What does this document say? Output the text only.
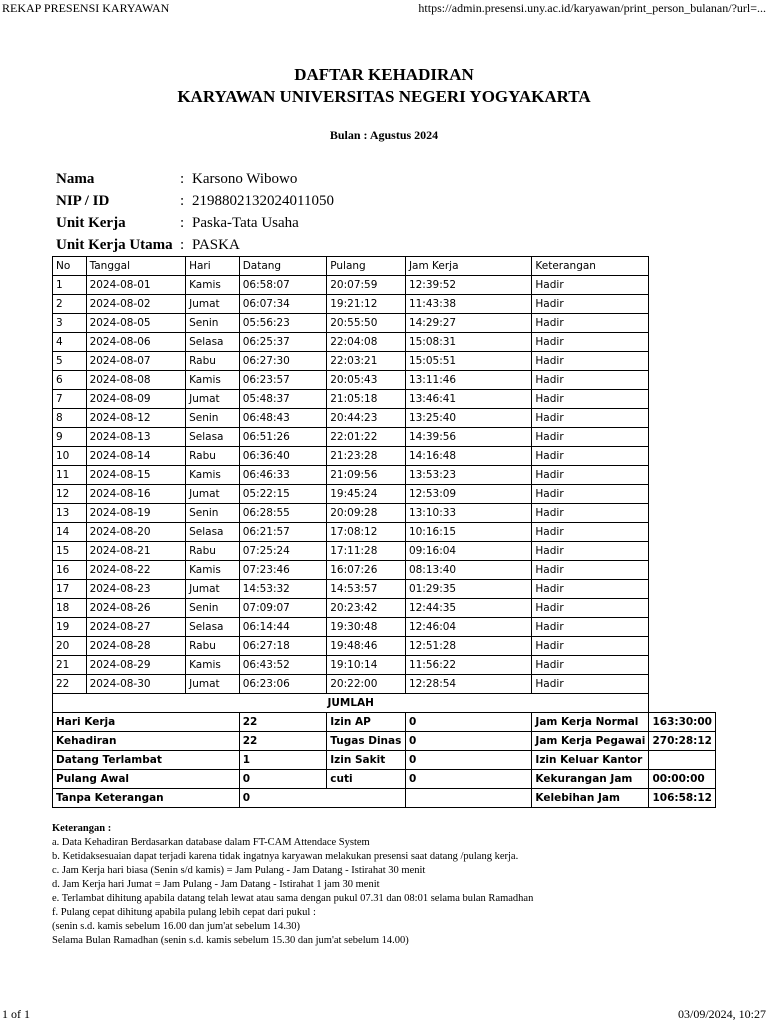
REKAP PRESENSI KARYAWAN	https://admin.presensi.uny.ac.id/karyawan/print_person_bulanan/?url=...
DAFTAR KEHADIRAN
KARYAWAN UNIVERSITAS NEGERI YOGYAKARTA
Bulan : Agustus 2024
Nama	:	Karsono Wibowo
NIP / ID	:	2198802132024011050
Unit Kerja	:	Paska-Tata Usaha
Unit Kerja Utama	:	PASKA
No	Tanggal	Hari	Datang	Pulang	Jam Kerja	Keterangan	
1	2024-08-01	Kamis	06:58:07	20:07:59	12:39:52	Hadir	
2	2024-08-02	Jumat	06:07:34	19:21:12	11:43:38	Hadir	
3	2024-08-05	Senin	05:56:23	20:55:50	14:29:27	Hadir	
4	2024-08-06	Selasa	06:25:37	22:04:08	15:08:31	Hadir	
5	2024-08-07	Rabu	06:27:30	22:03:21	15:05:51	Hadir	
6	2024-08-08	Kamis	06:23:57	20:05:43	13:11:46	Hadir	
7	2024-08-09	Jumat	05:48:37	21:05:18	13:46:41	Hadir	
8	2024-08-12	Senin	06:48:43	20:44:23	13:25:40	Hadir	
9	2024-08-13	Selasa	06:51:26	22:01:22	14:39:56	Hadir	
10	2024-08-14	Rabu	06:36:40	21:23:28	14:16:48	Hadir	
11	2024-08-15	Kamis	06:46:33	21:09:56	13:53:23	Hadir	
12	2024-08-16	Jumat	05:22:15	19:45:24	12:53:09	Hadir	
13	2024-08-19	Senin	06:28:55	20:09:28	13:10:33	Hadir	
14	2024-08-20	Selasa	06:21:57	17:08:12	10:16:15	Hadir	
15	2024-08-21	Rabu	07:25:24	17:11:28	09:16:04	Hadir	
16	2024-08-22	Kamis	07:23:46	16:07:26	08:13:40	Hadir	
17	2024-08-23	Jumat	14:53:32	14:53:57	01:29:35	Hadir	
18	2024-08-26	Senin	07:09:07	20:23:42	12:44:35	Hadir	
19	2024-08-27	Selasa	06:14:44	19:30:48	12:46:04	Hadir	
20	2024-08-28	Rabu	06:27:18	19:48:46	12:51:28	Hadir	
21	2024-08-29	Kamis	06:43:52	19:10:14	11:56:22	Hadir	
22	2024-08-30	Jumat	06:23:06	20:22:00	12:28:54	Hadir	
JUMLAH							
Hari Kerja			22	Izin AP	0	Jam Kerja Normal	163:30:00
Kehadiran			22	Tugas Dinas	0	Jam Kerja Pegawai	270:28:12
Datang Terlambat			1	Izin Sakit	0	Izin Keluar Kantor	
Pulang Awal			0	cuti	0	Kekurangan Jam	00:00:00
Tanpa Keterangan			0			Kelebihan Jam	106:58:12
Keterangan :
a. Data Kehadiran Berdasarkan database dalam FT-CAM Attendace System
b. Ketidaksesuaian dapat terjadi karena tidak ingatnya karyawan melakukan presensi saat datang /pulang kerja.
c. Jam Kerja hari biasa (Senin s/d kamis) = Jam Pulang - Jam Datang - Istirahat 30 menit
d. Jam Kerja hari Jumat = Jam Pulang - Jam Datang - Istirahat 1 jam 30 menit
e. Terlambat dihitung apabila datang telah lewat atau sama dengan pukul 07.31 dan 08:01 selama bulan Ramadhan
f. Pulang cepat dihitung apabila pulang lebih cepat dari pukul :
(senin s.d. kamis sebelum 16.00 dan jum'at sebelum 14.30)
Selama Bulan Ramadhan (senin s.d. kamis sebelum 15.30 dan jum'at sebelum 14.00)
1 of 1	03/09/2024, 10:27
